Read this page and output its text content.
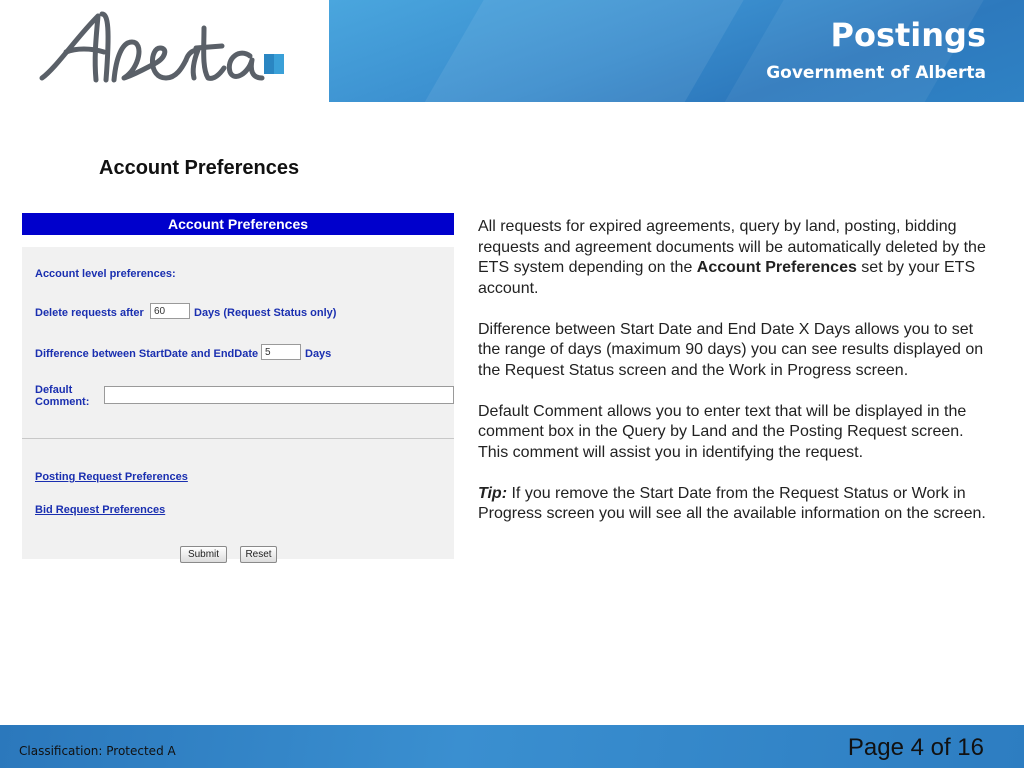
Postings
Government of Alberta
Account Preferences
Account Preferences
Account level preferences:
Delete requests after	60	Days (Request Status only)
Difference between StartDate and EndDate 5	Days
Default
Comment:
Posting Request Preferences
Bid Request Preferences
Submit	Reset

All requests for expired agreements, query by land, posting, bidding requests and agreement documents will be automatically deleted by the ETS system depending on the Account Preferences set by your ETS account.

Difference between Start Date and End Date X Days allows you to set the range of days (maximum 90 days) you can see results displayed on the Request Status screen and the Work in Progress screen.

Default Comment allows you to enter text that will be displayed in the comment box in the Query by Land and the Posting Request screen. This comment will assist you in identifying the request.

Tip: If you remove the Start Date from the Request Status or Work in Progress screen you will see all the available information on the screen.

Classification: Protected A	Page 4 of 16
